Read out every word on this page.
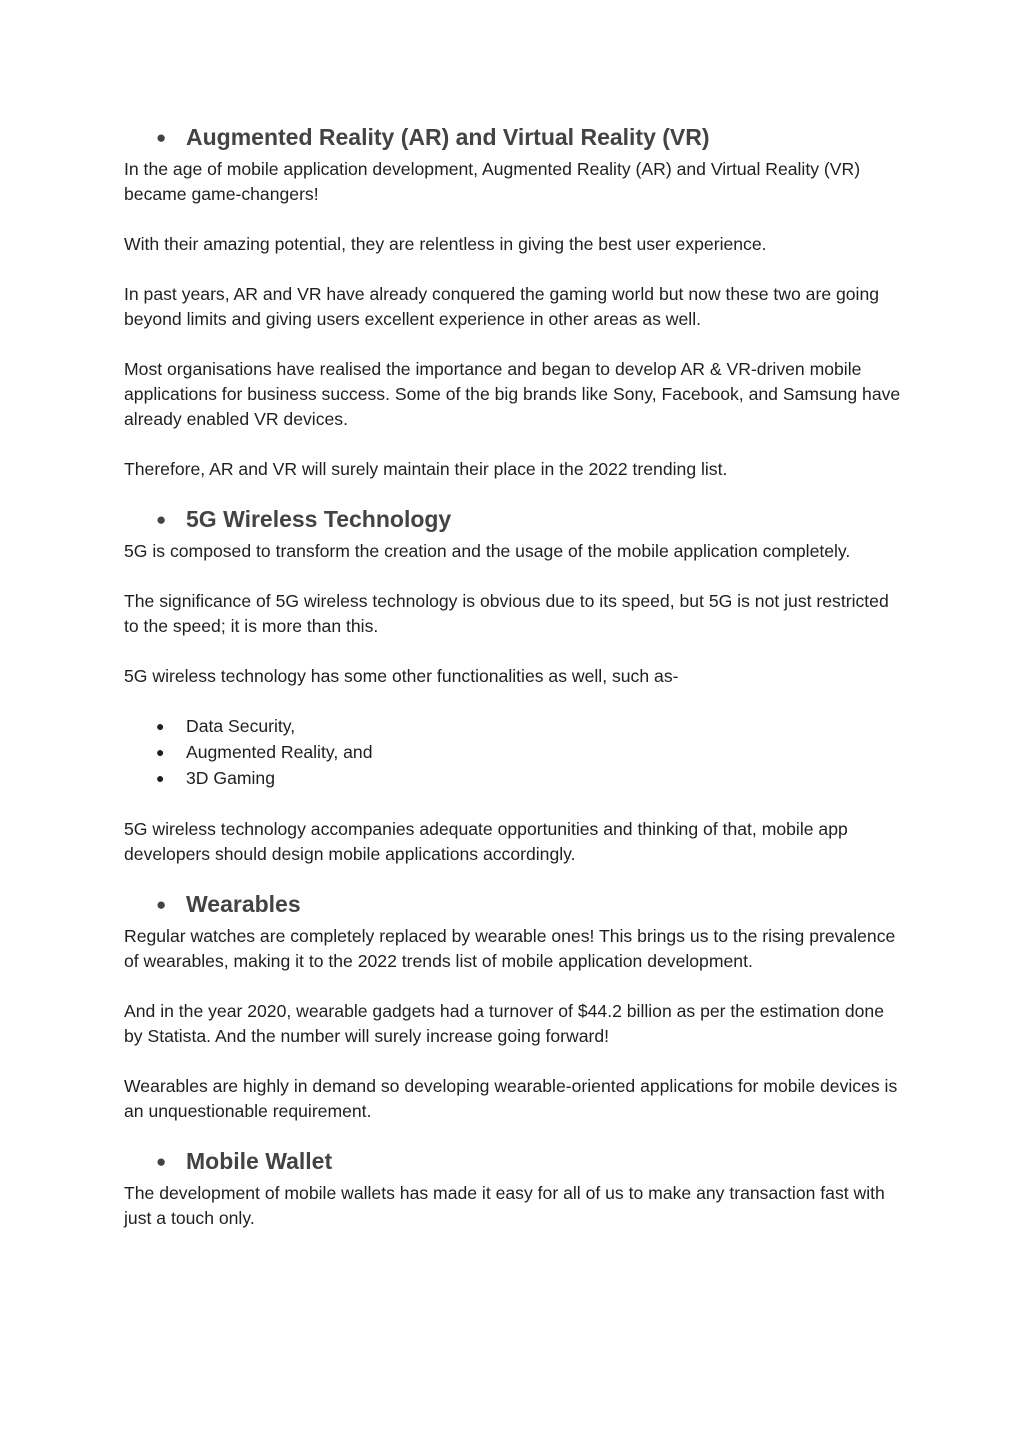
● Augmented Reality (AR) and Virtual Reality (VR)

In the age of mobile application development, Augmented Reality (AR) and Virtual Reality (VR) became game-changers!

With their amazing potential, they are relentless in giving the best user experience.

In past years, AR and VR have already conquered the gaming world but now these two are going beyond limits and giving users excellent experience in other areas as well.

Most organisations have realised the importance and began to develop AR & VR-driven mobile applications for business success. Some of the big brands like Sony, Facebook, and Samsung have already enabled VR devices.

Therefore, AR and VR will surely maintain their place in the 2022 trending list.

● 5G Wireless Technology

5G is composed to transform the creation and the usage of the mobile application completely.

The significance of 5G wireless technology is obvious due to its speed, but 5G is not just restricted to the speed; it is more than this.

5G wireless technology has some other functionalities as well, such as-

●	Data Security,
●	Augmented Reality, and
●	3D Gaming

5G wireless technology accompanies adequate opportunities and thinking of that, mobile app developers should design mobile applications accordingly.

● Wearables

Regular watches are completely replaced by wearable ones! This brings us to the rising prevalence of wearables, making it to the 2022 trends list of mobile application development.

And in the year 2020, wearable gadgets had a turnover of $44.2 billion as per the estimation done by Statista. And the number will surely increase going forward!

Wearables are highly in demand so developing wearable-oriented applications for mobile devices is an unquestionable requirement.

● Mobile Wallet

The development of mobile wallets has made it easy for all of us to make any transaction fast with just a touch only.
